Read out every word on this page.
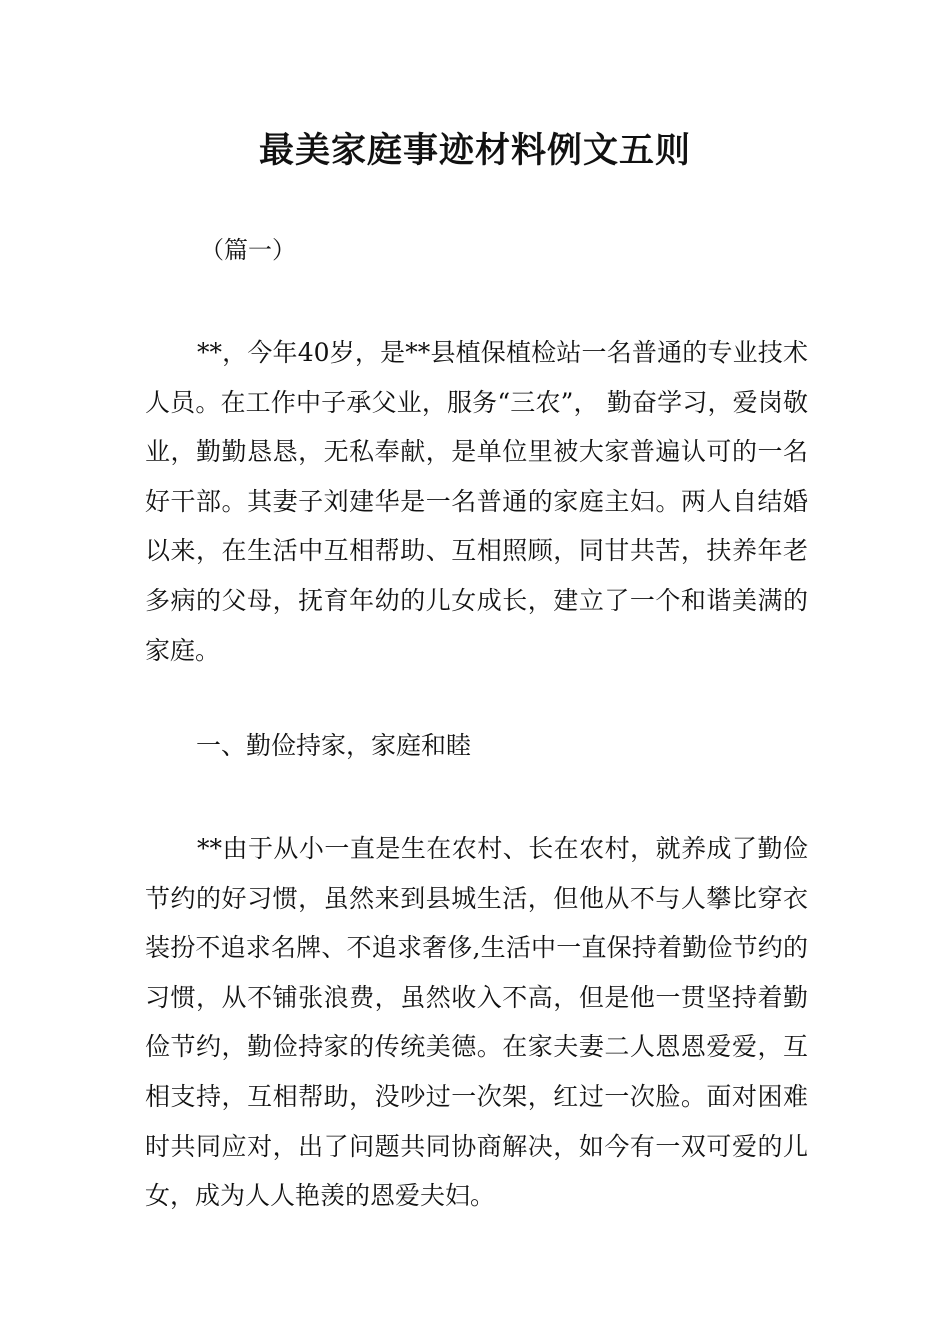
最美家庭事迹材料例文五则
（篇一）

**，今年40岁，是**县植保植检站一名普通的专业技术人员。在工作中子承父业，服务“三农”， 勤奋学习，爱岗敬业，勤勤恳恳，无私奉献，是单位里被大家普遍认可的一名好干部。其妻子刘建华是一名普通的家庭主妇。两人自结婚以来，在生活中互相帮助、互相照顾，同甘共苦，扶养年老多病的父母，抚育年幼的儿女成长，建立了一个和谐美满的家庭。

一、勤俭持家，家庭和睦

**由于从小一直是生在农村、长在农村，就养成了勤俭节约的好习惯，虽然来到县城生活，但他从不与人攀比穿衣装扮不追求名牌、不追求奢侈,生活中一直保持着勤俭节约的习惯，从不铺张浪费，虽然收入不高，但是他一贯坚持着勤俭节约，勤俭持家的传统美德。在家夫妻二人恩恩爱爱，互相支持，互相帮助，没吵过一次架，红过一次脸。面对困难时共同应对，出了问题共同协商解决，如今有一双可爱的儿女，成为人人艳羡的恩爱夫妇。
